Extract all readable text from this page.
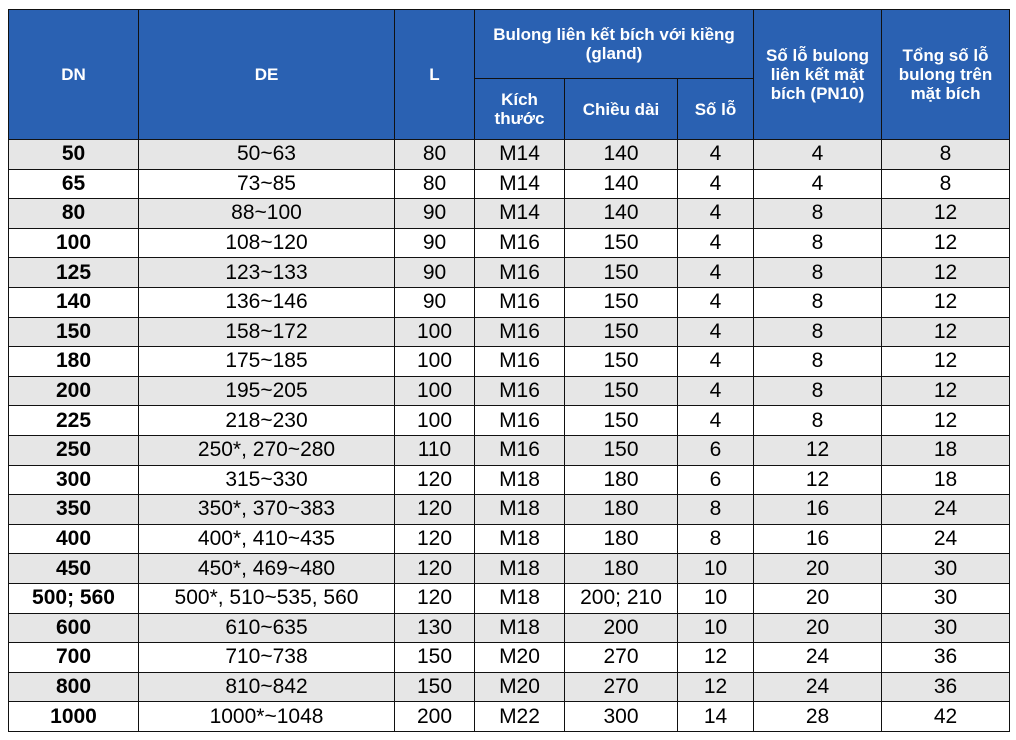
DN	DE	L	Bulong liên kết bích với kiềng (gland)			Số lỗ bulong liên kết mặt bích (PN10)	Tổng số lỗ bulong trên mặt bích
			Kích thước	Chiều dài	Số lỗ		
50	50~63	80	M14	140	4	4	8
65	73~85	80	M14	140	4	4	8
80	88~100	90	M14	140	4	8	12
100	108~120	90	M16	150	4	8	12
125	123~133	90	M16	150	4	8	12
140	136~146	90	M16	150	4	8	12
150	158~172	100	M16	150	4	8	12
180	175~185	100	M16	150	4	8	12
200	195~205	100	M16	150	4	8	12
225	218~230	100	M16	150	4	8	12
250	250*, 270~280	110	M16	150	6	12	18
300	315~330	120	M18	180	6	12	18
350	350*, 370~383	120	M18	180	8	16	24
400	400*, 410~435	120	M18	180	8	16	24
450	450*, 469~480	120	M18	180	10	20	30
500; 560	500*, 510~535, 560	120	M18	200; 210	10	20	30
600	610~635	130	M18	200	10	20	30
700	710~738	150	M20	270	12	24	36
800	810~842	150	M20	270	12	24	36
1000	1000*~1048	200	M22	300	14	28	42
